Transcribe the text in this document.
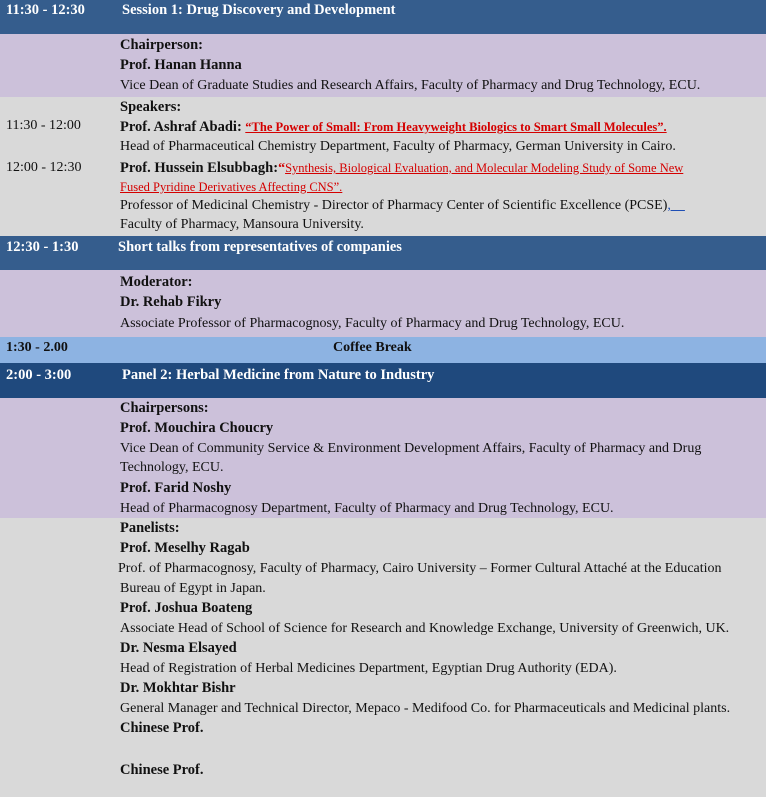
11:30 - 12:30	Session 1: Drug Discovery and Development
Chairperson:
Prof. Hanan Hanna
Vice Dean of Graduate Studies and Research Affairs, Faculty of Pharmacy and Drug Technology, ECU.
Speakers:
11:30 - 12:00	Prof. Ashraf Abadi: “The Power of Small: From Heavyweight Biologics to Smart Small Molecules”.
Head of Pharmaceutical Chemistry Department, Faculty of Pharmacy, German University in Cairo.
12:00 - 12:30	Prof. Hussein Elsubbagh:“Synthesis, Biological Evaluation, and Molecular Modeling Study of Some New
Fused Pyridine Derivatives Affecting CNS”.
Professor of Medicinal Chemistry - Director of Pharmacy Center of Scientific Excellence (PCSE), 
Faculty of Pharmacy, Mansoura University.
12:30 - 1:30	Short talks from representatives of companies
Moderator:
Dr. Rehab Fikry
Associate Professor of Pharmacognosy, Faculty of Pharmacy and Drug Technology, ECU.
1:30 - 2.00	Coffee Break
2:00 - 3:00	Panel 2: Herbal Medicine from Nature to Industry
Chairpersons:
Prof. Mouchira Choucry
Vice Dean of Community Service & Environment Development Affairs, Faculty of Pharmacy and Drug
Technology, ECU.
Prof. Farid Noshy
Head of Pharmacognosy Department, Faculty of Pharmacy and Drug Technology, ECU.
Panelists:
Prof. Meselhy Ragab
Prof. of Pharmacognosy, Faculty of Pharmacy, Cairo University – Former Cultural Attaché at the Education
Bureau of Egypt in Japan.
Prof. Joshua Boateng
Associate Head of School of Science for Research and Knowledge Exchange, University of Greenwich, UK.
Dr. Nesma Elsayed
Head of Registration of Herbal Medicines Department, Egyptian Drug Authority (EDA).
Dr. Mokhtar Bishr
General Manager and Technical Director, Mepaco - Medifood Co. for Pharmaceuticals and Medicinal plants.
Chinese Prof.
Chinese Prof.
